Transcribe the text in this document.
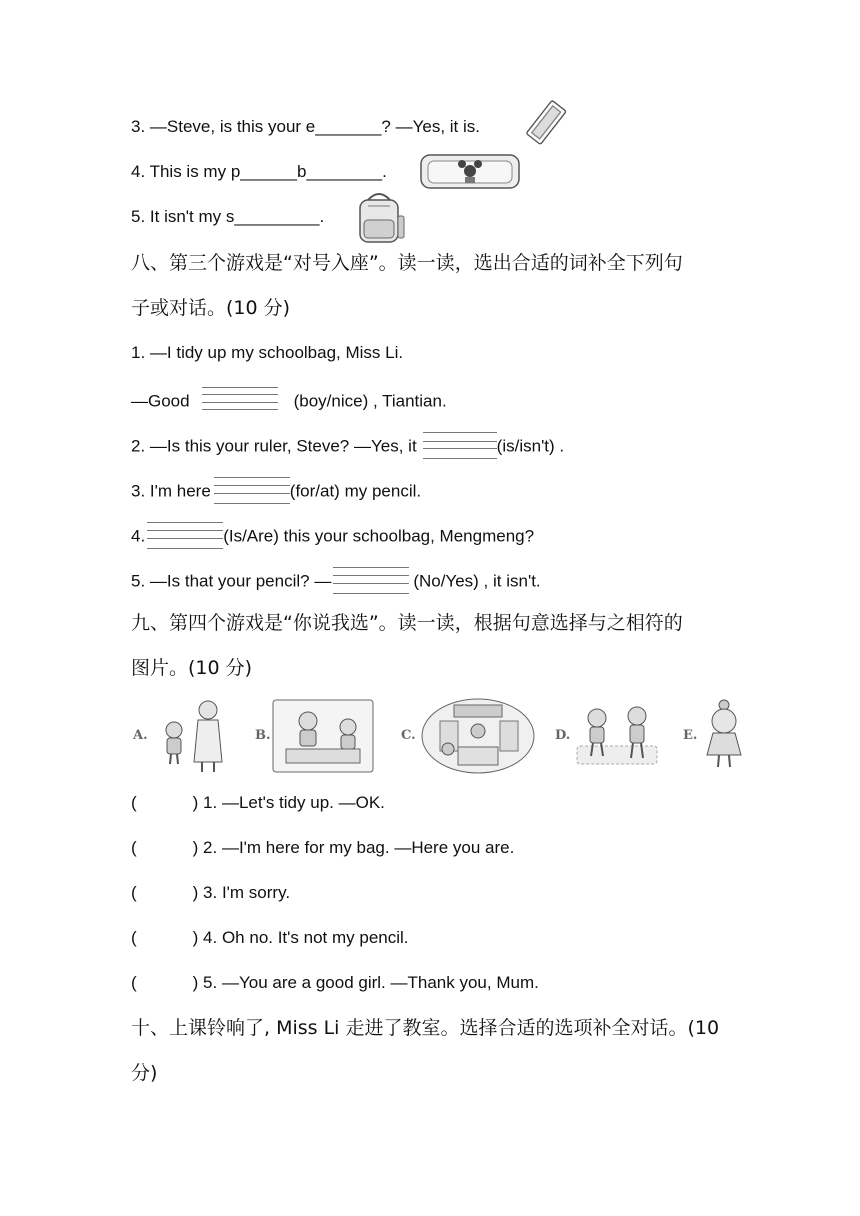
3. —Steve, is this your e_______? —Yes, it is.
4. This is my p______b________.
5. It isn't my s_________.
八、第三个游戏是“对号入座”。读一读，选出合适的词补全下列句
子或对话。(10 分)
1. —I tidy up my schoolbag, Miss Li.
—Good	(boy/nice) , Tiantian.
2. —Is this your ruler, Steve? —Yes, it	(is/isn't) .
3. I'm here	(for/at) my pencil.
4.	(Is/Are) this your schoolbag, Mengmeng?
5. —Is that your pencil? —	(No/Yes) , it isn't.
九、第四个游戏是“你说我选”。读一读，根据句意选择与之相符的
图片。(10 分)
A.	B.	C.	D.	E.
(	) 1. —Let's tidy up. —OK.
(	) 2. —I'm here for my bag. —Here you are.
(	) 3. I'm sorry.
(	) 4. Oh no. It's not my pencil.
(	) 5. —You are a good girl. —Thank you, Mum.
十、上课铃响了, Miss Li 走进了教室。选择合适的选项补全对话。(10
分)
